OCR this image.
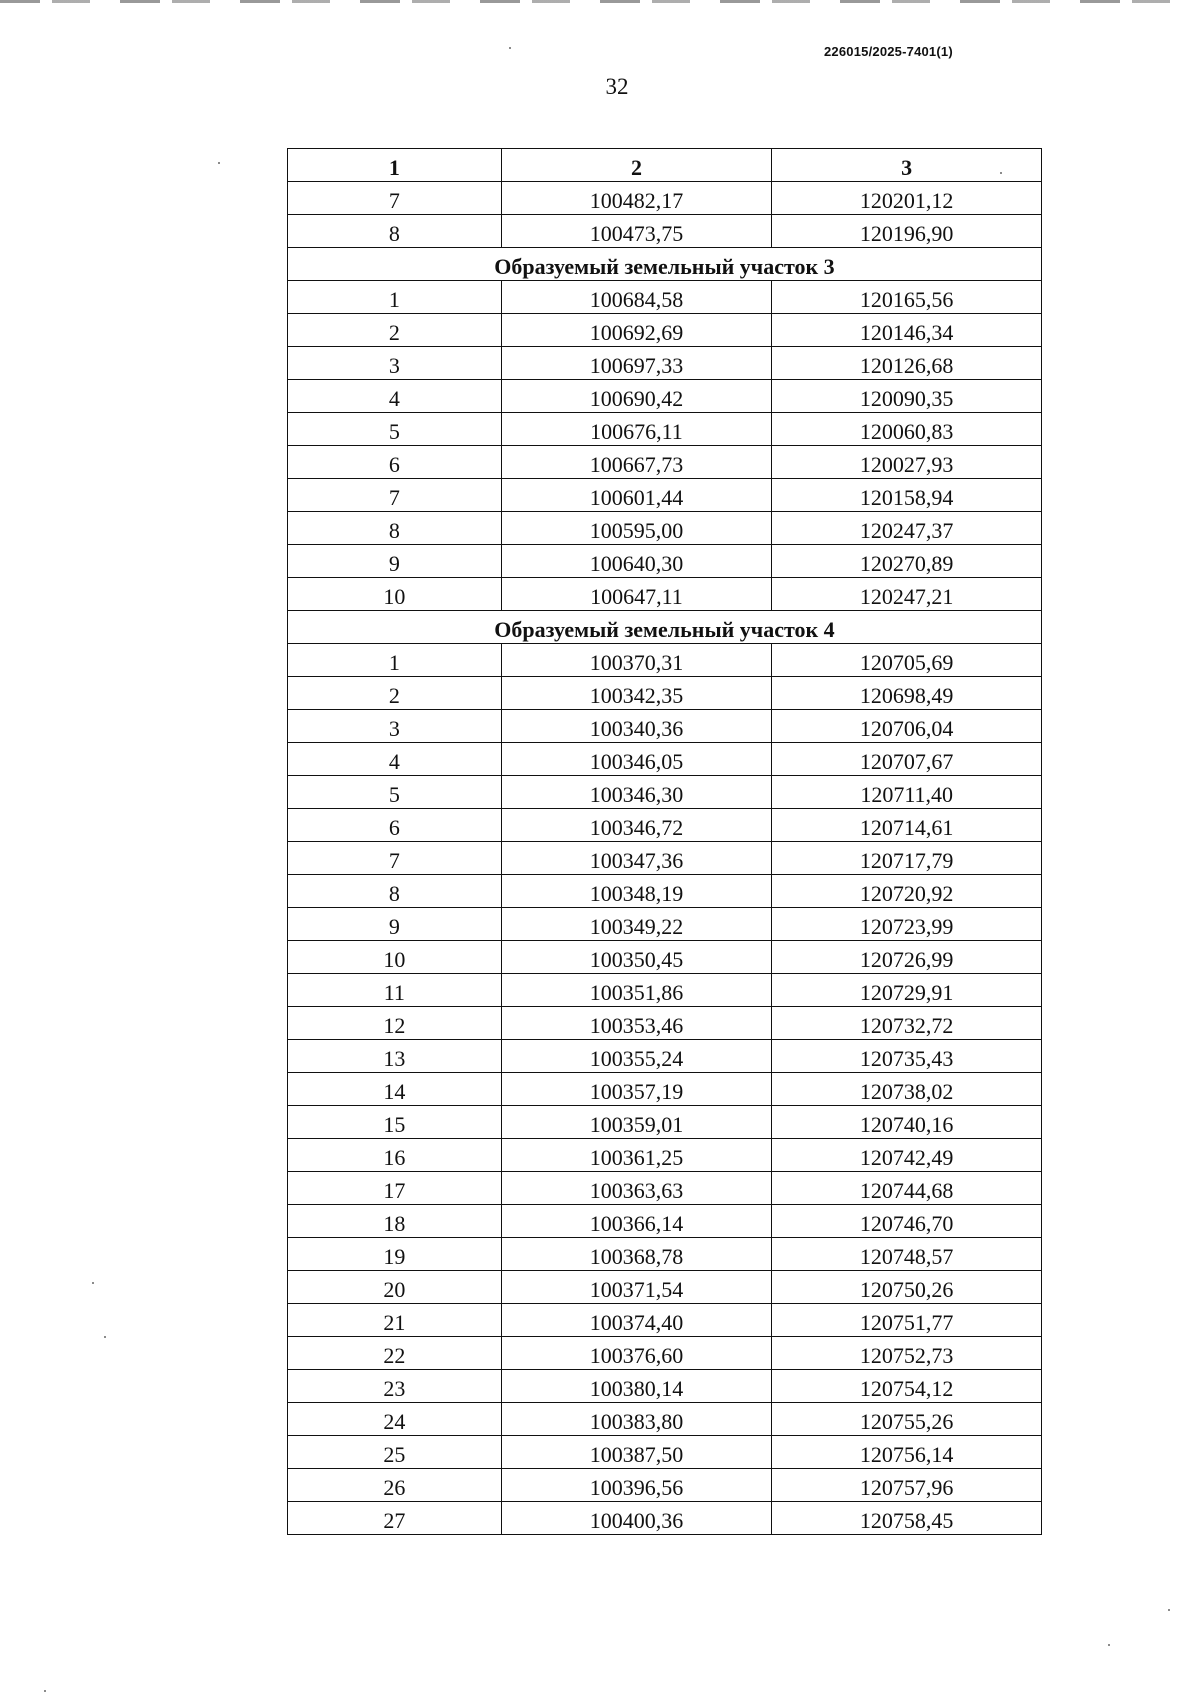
226015/2025-7401(1)
32
1	2	3
7	100482,17	120201,12
8	100473,75	120196,90
Образуемый земельный участок 3		
1	100684,58	120165,56
2	100692,69	120146,34
3	100697,33	120126,68
4	100690,42	120090,35
5	100676,11	120060,83
6	100667,73	120027,93
7	100601,44	120158,94
8	100595,00	120247,37
9	100640,30	120270,89
10	100647,11	120247,21
Образуемый земельный участок 4		
1	100370,31	120705,69
2	100342,35	120698,49
3	100340,36	120706,04
4	100346,05	120707,67
5	100346,30	120711,40
6	100346,72	120714,61
7	100347,36	120717,79
8	100348,19	120720,92
9	100349,22	120723,99
10	100350,45	120726,99
11	100351,86	120729,91
12	100353,46	120732,72
13	100355,24	120735,43
14	100357,19	120738,02
15	100359,01	120740,16
16	100361,25	120742,49
17	100363,63	120744,68
18	100366,14	120746,70
19	100368,78	120748,57
20	100371,54	120750,26
21	100374,40	120751,77
22	100376,60	120752,73
23	100380,14	120754,12
24	100383,80	120755,26
25	100387,50	120756,14
26	100396,56	120757,96
27	100400,36	120758,45
